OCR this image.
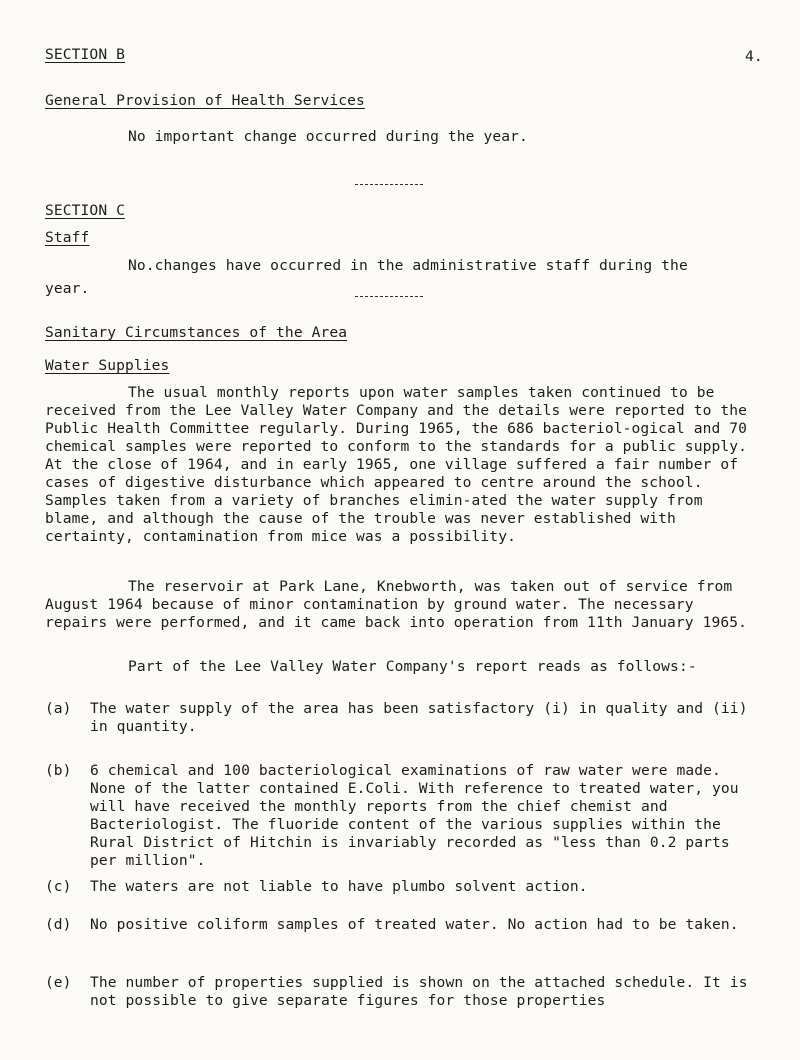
4.
SECTION B
General Provision of Health Services
No important change occurred during the year.
SECTION C
Staff
No.changes have occurred in the administrative staff during the
year.
Sanitary Circumstances of the Area
Water Supplies

The usual monthly reports upon water samples taken continued to be received from the Lee Valley Water Company and the details were reported to the Public Health Committee regularly. During 1965, the 686 bacteriol-ogical and 70 chemical samples were reported to conform to the standards for a public supply. At the close of 1964, and in early 1965, one village suffered a fair number of cases of digestive disturbance which appeared to centre around the school. Samples taken from a variety of branches elimin-ated the water supply from blame, and although the cause of the trouble was never established with certainty, contamination from mice was a possibility.

The reservoir at Park Lane, Knebworth, was taken out of service from August 1964 because of minor contamination by ground water. The necessary repairs were performed, and it came back into operation from 11th January 1965.

Part of the Lee Valley Water Company's report reads as follows:-

(a) The water supply of the area has been satisfactory (i) in quality and (ii) in quantity.
(b) 6 chemical and 100 bacteriological examinations of raw water were made. None of the latter contained E.Coli. With reference to treated water, you will have received the monthly reports from the chief chemist and Bacteriologist. The fluoride content of the various supplies within the Rural District of Hitchin is invariably recorded as "less than 0.2 parts per million".
(c) The waters are not liable to have plumbo solvent action.
(d) No positive coliform samples of treated water. No action had to be taken.
(e) The number of properties supplied is shown on the attached schedule. It is not possible to give separate figures for those properties
